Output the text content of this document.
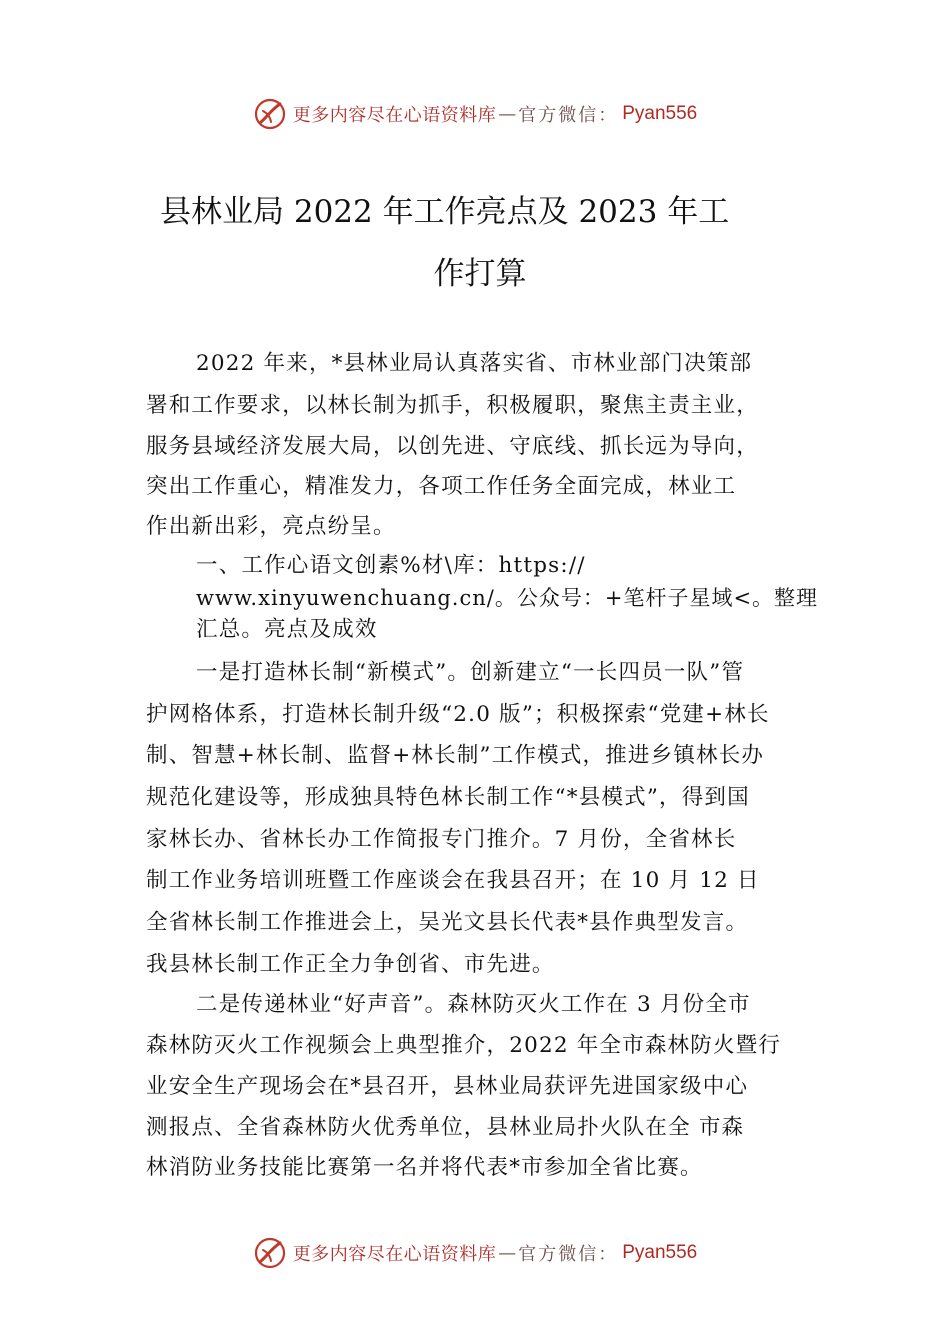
更多内容尽在心语资料库 — 官方微信： Pyan556
县林业局 2022 年工作亮点及 2023 年工
作打算
2022 年来，*县林业局认真落实省、市林业部门决策部
署和工作要求，以林长制为抓手，积极履职，聚焦主责主业，
服务县域经济发展大局，以创先进、守底线、抓长远为导向，
突出工作重心，精准发力，各项工作任务全面完成，林业工
作出新出彩，亮点纷呈。
一、工作心语文创素%材\库：https://
www.xinyuwenchuang.cn/。公众号：+笔杆子星域<。整理
汇总。亮点及成效
一是打造林长制“新模式”。创新建立“一长四员一队”管
护网格体系，打造林长制升级“2.0 版”；积极探索“党建+林长
制、智慧+林长制、监督+林长制”工作模式，推进乡镇林长办
规范化建设等，形成独具特色林长制工作“*县模式”，得到国
家林长办、省林长办工作简报专门推介。7 月份，全省林长
制工作业务培训班暨工作座谈会在我县召开；在 10 月 12 日
全省林长制工作推进会上，吴光文县长代表*县作典型发言。
我县林长制工作正全力争创省、市先进。
二是传递林业“好声音”。森林防灭火工作在 3 月份全市
森林防灭火工作视频会上典型推介，2022 年全市森林防火暨行
业安全生产现场会在*县召开，县林业局获评先进国家级中心
测报点、全省森林防火优秀单位，县林业局扑火队在全 市森
林消防业务技能比赛第一名并将代表*市参加全省比赛。
更多内容尽在心语资料库 — 官方微信： Pyan556
